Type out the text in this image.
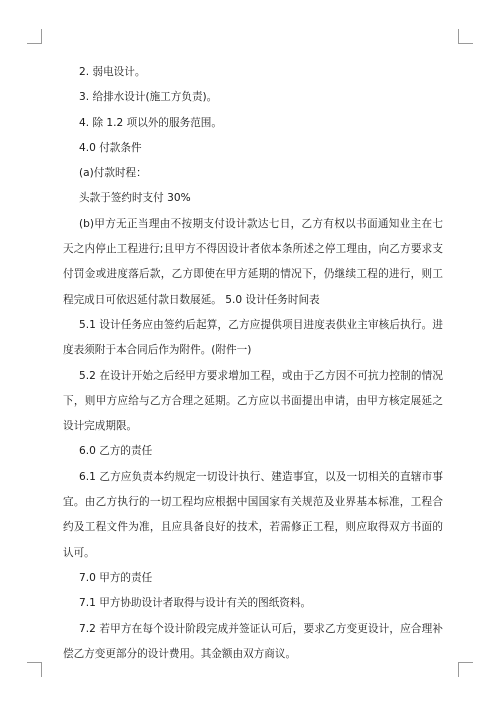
2. 弱电设计。

3. 给排水设计(施工方负责)。

4. 除 1.2 项以外的服务范围。

4.0 付款条件

(a)付款时程：

头款于签约时支付 30%

(b)甲方无正当理由不按期支付设计款达七日，乙方有权以书面通知业主在七天之内停止工程进行;且甲方不得因设计者依本条所述之停工理由，向乙方要求支付罚金或进度落后款，乙方即使在甲方延期的情况下，仍继续工程的进行，则工程完成日可依迟延付款日数展延。 5.0 设计任务时间表

5.1 设计任务应由签约后起算，乙方应提供项目进度表供业主审核后执行。进度表须附于本合同后作为附件。(附件一)

5.2 在设计开始之后经甲方要求增加工程，或由于乙方因不可抗力控制的情况下，则甲方应给与乙方合理之延期。乙方应以书面提出申请，由甲方核定展延之设计完成期限。

6.0 乙方的责任

6.1 乙方应负责本约规定一切设计执行、建造事宜，以及一切相关的直辖市事宜。由乙方执行的一切工程均应根据中国国家有关规范及业界基本标准，工程合约及工程文件为准，且应具备良好的技术，若需修正工程，则应取得双方书面的认可。

7.0 甲方的责任

7.1 甲方协助设计者取得与设计有关的图纸资料。

7.2 若甲方在每个设计阶段完成并签证认可后，要求乙方变更设计，应合理补偿乙方变更部分的设计费用。其金额由双方商议。
